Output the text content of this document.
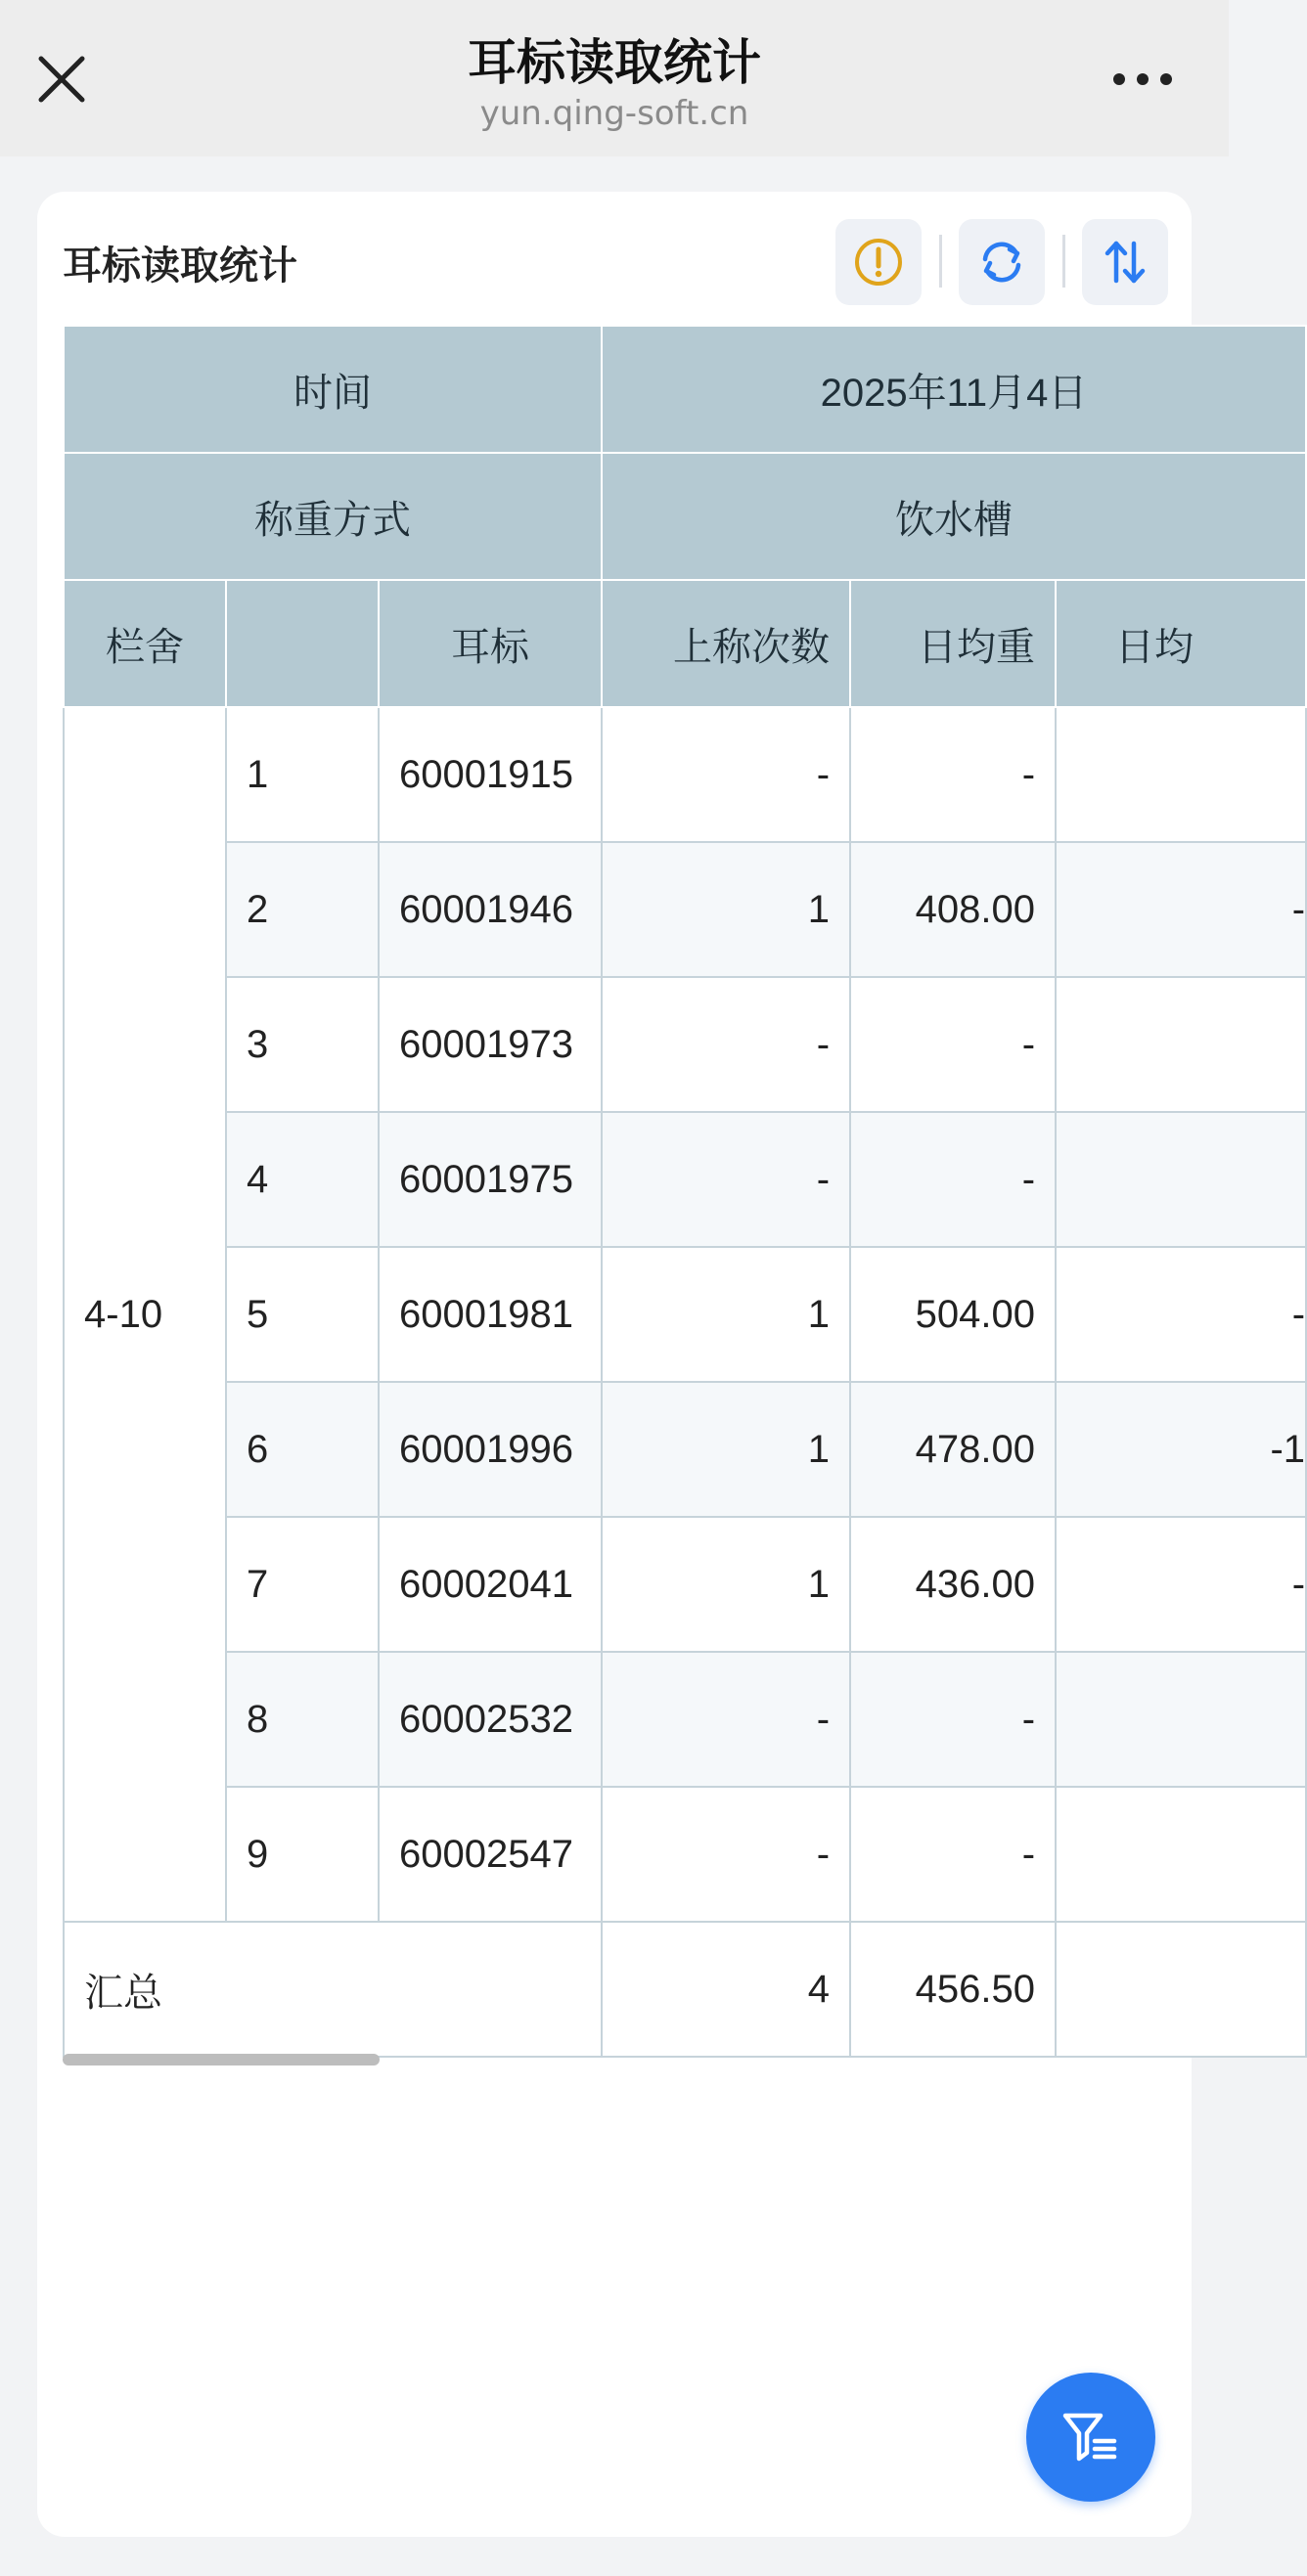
耳标读取统计
yun.qing-soft.cn
耳标读取统计
时间			2025年11月4日		
称重方式			饮水槽		
栏舍		耳标	上称次数	日均重	日均
4-10	1	60001915	-	-	
	2	60001946	1	408.00	-
	3	60001973	-	-	
	4	60001975	-	-	
	5	60001981	1	504.00	-
	6	60001996	1	478.00	-1
	7	60002041	1	436.00	-
	8	60002532	-	-	
	9	60002547	-	-	
汇总			4	456.50	
